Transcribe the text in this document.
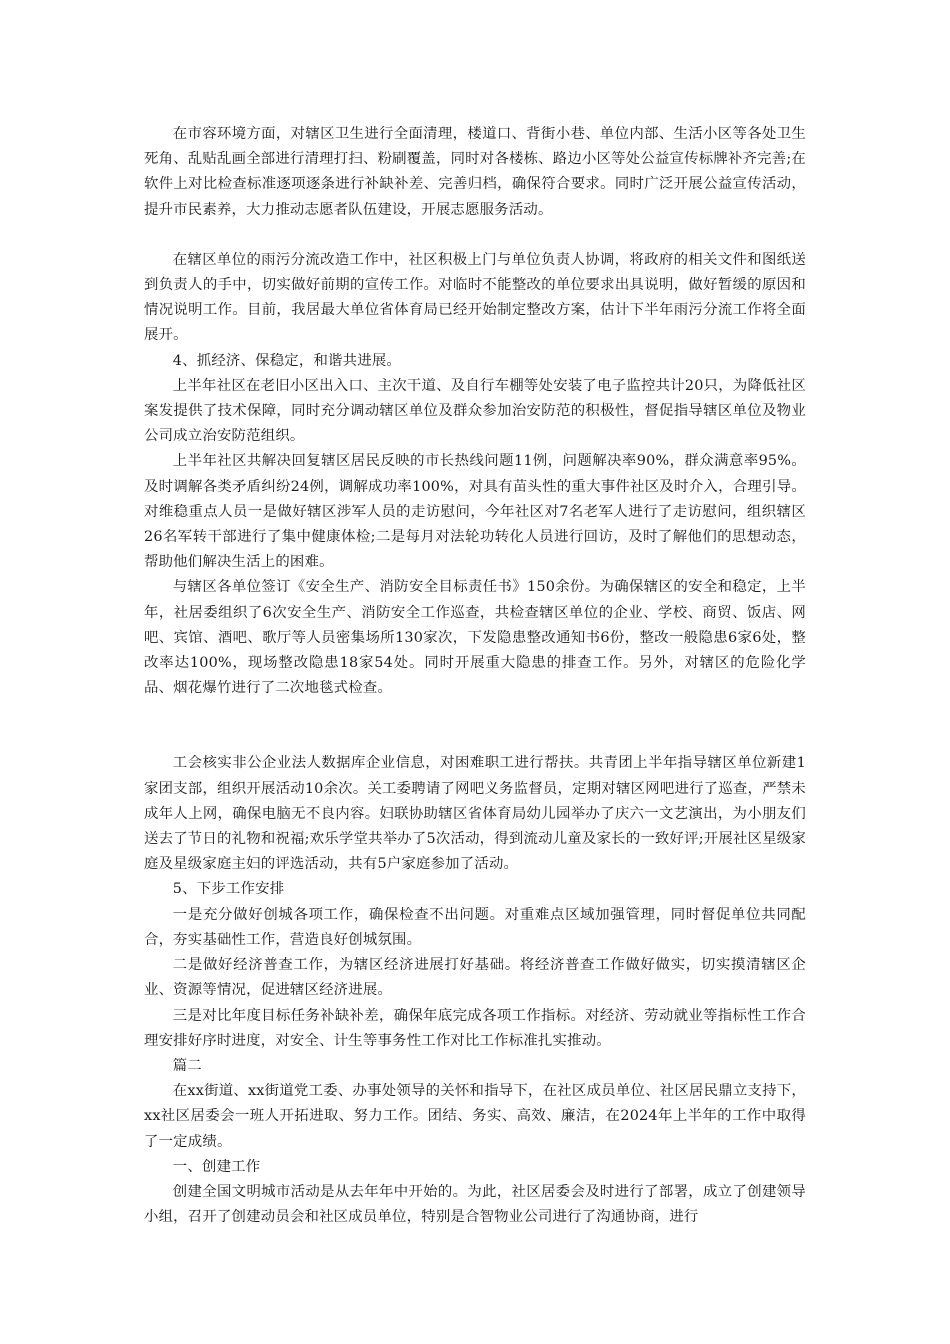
在市容环境方面，对辖区卫生进行全面清理，楼道口、背街小巷、单位内部、生活小区等各处卫生死角、乱贴乱画全部进行清理打扫、粉刷覆盖，同时对各楼栋、路边小区等处公益宣传标牌补齐完善;在软件上对比检查标准逐项逐条进行补缺补差、完善归档，确保符合要求。同时广泛开展公益宣传活动，提升市民素养，大力推动志愿者队伍建设，开展志愿服务活动。

在辖区单位的雨污分流改造工作中，社区积极上门与单位负责人协调，将政府的相关文件和图纸送到负责人的手中，切实做好前期的宣传工作。对临时不能整改的单位要求出具说明，做好暂缓的原因和情况说明工作。目前，我居最大单位省体育局已经开始制定整改方案，估计下半年雨污分流工作将全面展开。

4、抓经济、保稳定，和谐共进展。

上半年社区在老旧小区出入口、主次干道、及自行车棚等处安装了电子监控共计20只，为降低社区案发提供了技术保障，同时充分调动辖区单位及群众参加治安防范的积极性，督促指导辖区单位及物业公司成立治安防范组织。

上半年社区共解决回复辖区居民反映的市长热线问题11例，问题解决率90%，群众满意率95%。及时调解各类矛盾纠纷24例，调解成功率100%，对具有苗头性的重大事件社区及时介入，合理引导。对维稳重点人员一是做好辖区涉军人员的走访慰问，今年社区对7名老军人进行了走访慰问，组织辖区26名军转干部进行了集中健康体检;二是每月对法轮功转化人员进行回访，及时了解他们的思想动态，帮助他们解决生活上的困难。

与辖区各单位签订《安全生产、消防安全目标责任书》150余份。为确保辖区的安全和稳定，上半年，社居委组织了6次安全生产、消防安全工作巡查，共检查辖区单位的企业、学校、商贸、饭店、网吧、宾馆、酒吧、歌厅等人员密集场所130家次，下发隐患整改通知书6份，整改一般隐患6家6处，整改率达100%，现场整改隐患18家54处。同时开展重大隐患的排查工作。另外，对辖区的危险化学品、烟花爆竹进行了二次地毯式检查。

工会核实非公企业法人数据库企业信息，对困难职工进行帮扶。共青团上半年指导辖区单位新建1家团支部，组织开展活动10余次。关工委聘请了网吧义务监督员，定期对辖区网吧进行了巡查，严禁未成年人上网，确保电脑无不良内容。妇联协助辖区省体育局幼儿园举办了庆六一文艺演出，为小朋友们送去了节日的礼物和祝福;欢乐学堂共举办了5次活动，得到流动儿童及家长的一致好评;开展社区星级家庭及星级家庭主妇的评选活动，共有5户家庭参加了活动。

5、下步工作安排

一是充分做好创城各项工作，确保检查不出问题。对重难点区域加强管理，同时督促单位共同配合，夯实基础性工作，营造良好创城氛围。

二是做好经济普查工作，为辖区经济进展打好基础。将经济普查工作做好做实，切实摸清辖区企业、资源等情况，促进辖区经济进展。

三是对比年度目标任务补缺补差，确保年底完成各项工作指标。对经济、劳动就业等指标性工作合理安排好序时进度，对安全、计生等事务性工作对比工作标准扎实推动。

篇二

在xx街道、xx街道党工委、办事处领导的关怀和指导下，在社区成员单位、社区居民鼎立支持下，xx社区居委会一班人开拓进取、努力工作。团结、务实、高效、廉洁，在2024年上半年的工作中取得了一定成绩。

一、创建工作

创建全国文明城市活动是从去年年中开始的。为此，社区居委会及时进行了部署，成立了创建领导小组，召开了创建动员会和社区成员单位，特别是合智物业公司进行了沟通协商，进行
